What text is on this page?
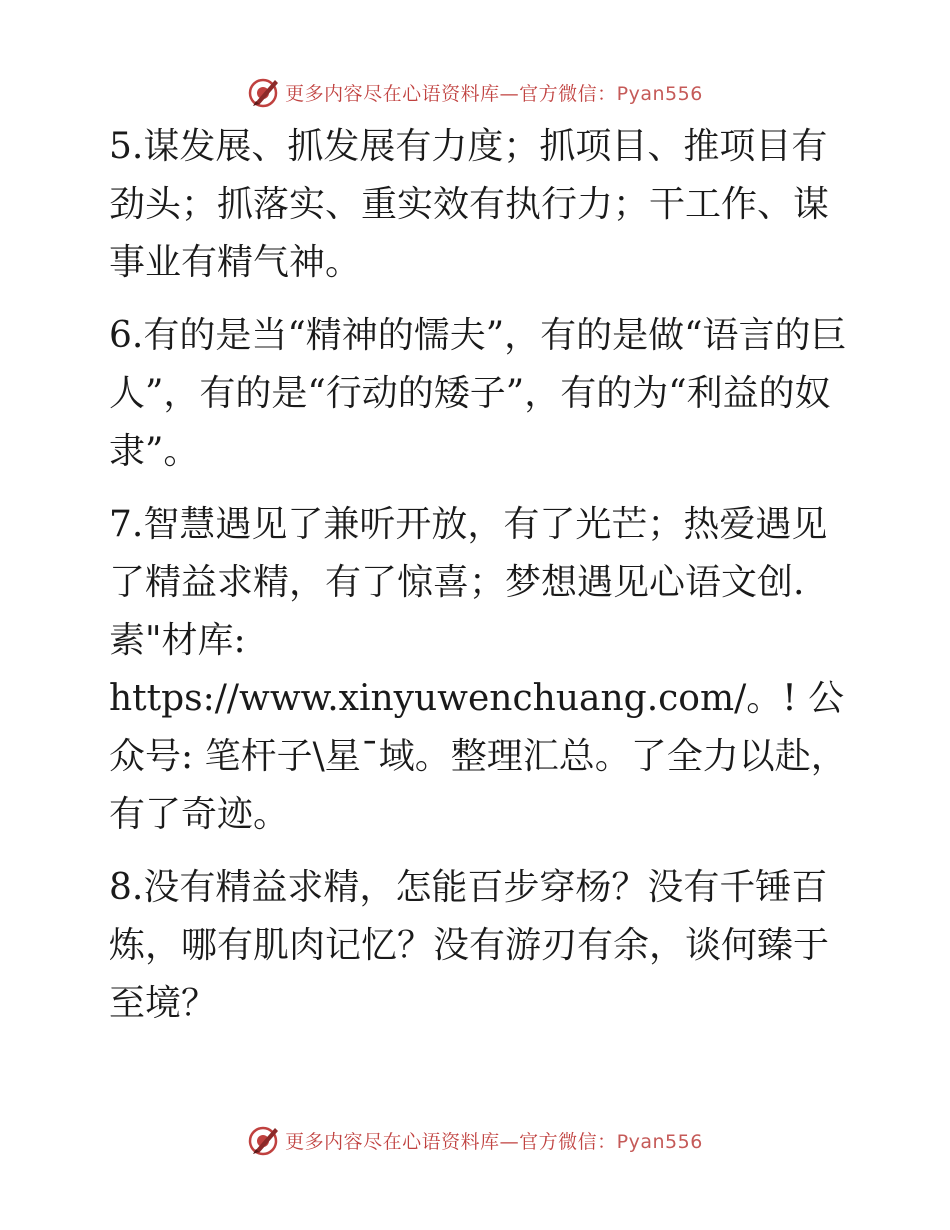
更多内容尽在心语资料库—官方微信：Pyan556

5.谋发展、抓发展有力度；抓项目、推项目有劲头；抓落实、重实效有执行力；干工作、谋事业有精气神。

6.有的是当“精神的懦夫”，有的是做“语言的巨人”，有的是“行动的矮子”，有的为“利益的奴隶”。

7.智慧遇见了兼听开放，有了光芒；热爱遇见了精益求精，有了惊喜；梦想遇见心语文创.素"材库: https://www.xinyuwenchuang.com/。! 公众号: 笔杆子\星¯域。整理汇总。了全力以赴，有了奇迹。

8.没有精益求精，怎能百步穿杨？没有千锤百炼，哪有肌肉记忆？没有游刃有余，谈何臻于至境？

更多内容尽在心语资料库—官方微信：Pyan556
